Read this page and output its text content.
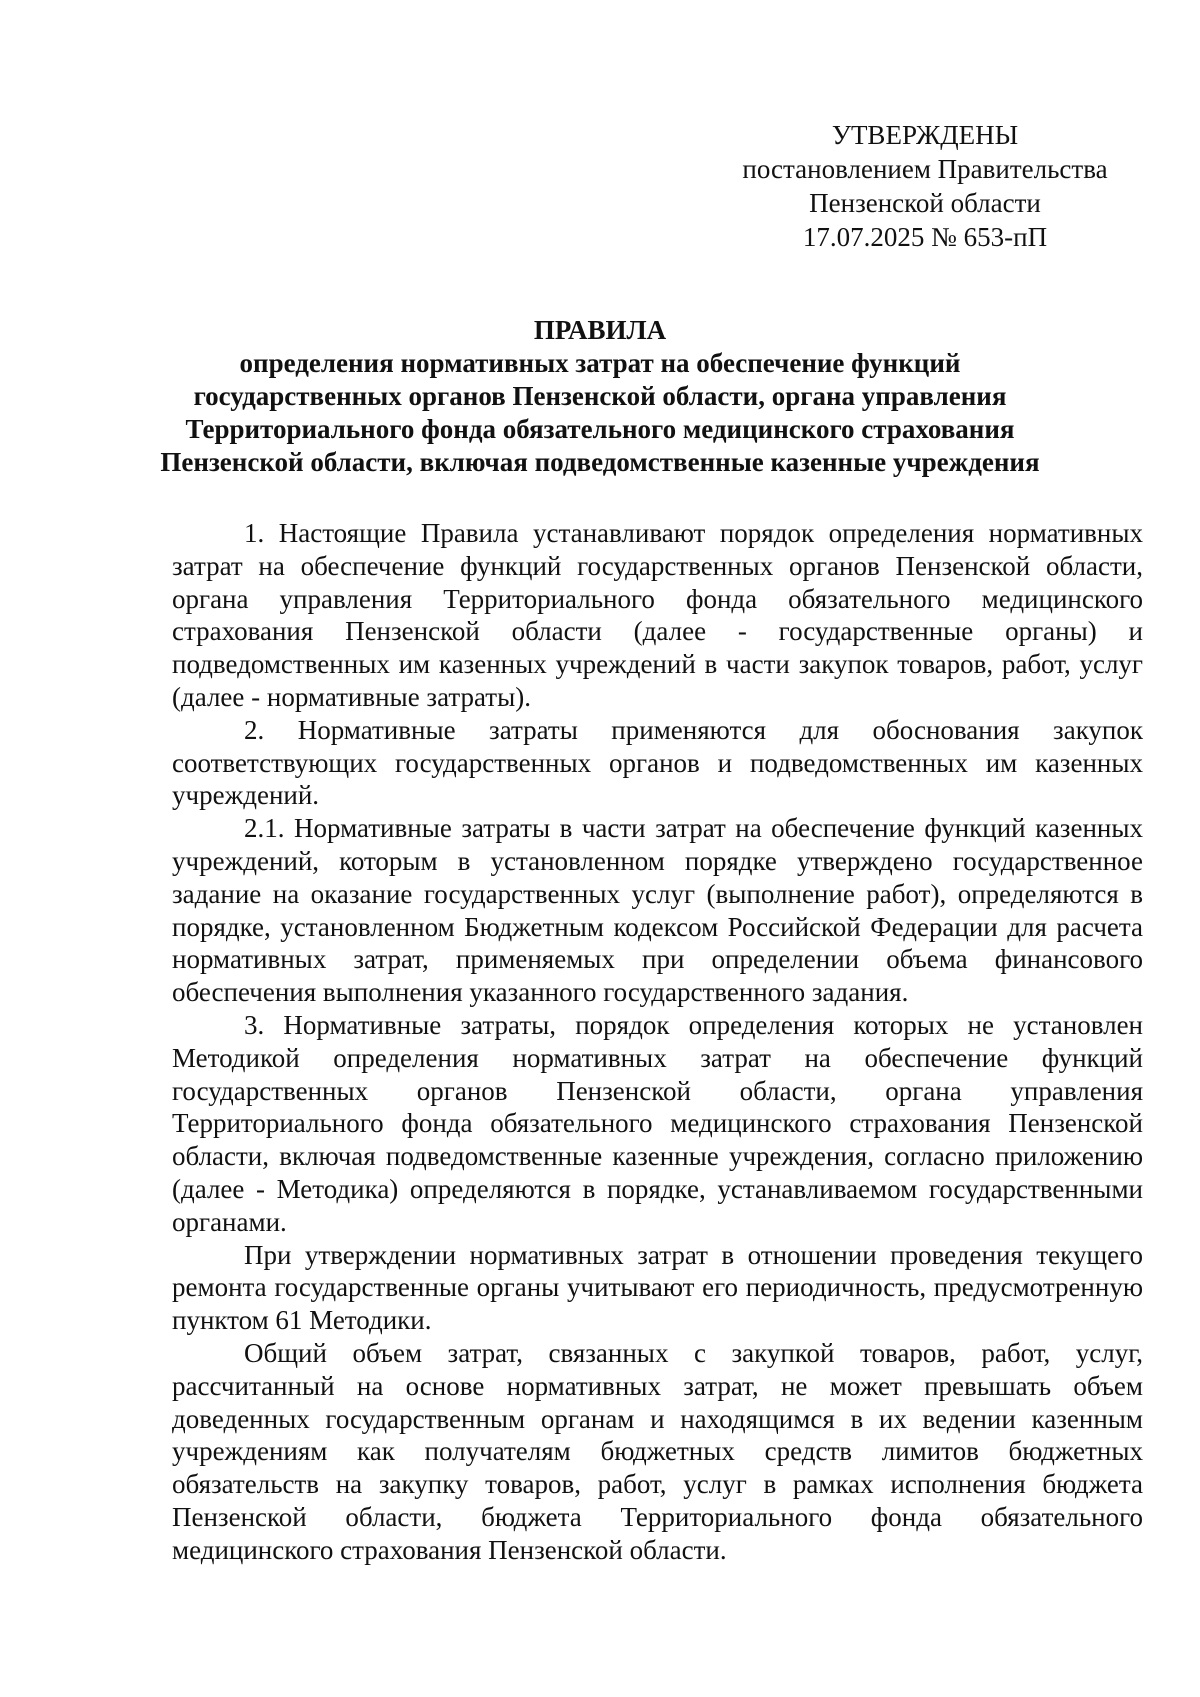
УТВЕРЖДЕНЫ
постановлением Правительства
Пензенской области
17.07.2025 № 653-пП
ПРАВИЛА
определения нормативных затрат на обеспечение функций
государственных органов Пензенской области, органа управления
Территориального фонда обязательного медицинского страхования
Пензенской области, включая подведомственные казенные учреждения

1. Настоящие Правила устанавливают порядок определения нормативных затрат на обеспечение функций государственных органов Пензенской области, органа управления Территориального фонда обязательного медицинского страхования Пензенской области (далее - государственные органы) и подведомственных им казенных учреждений в части закупок товаров, работ, услуг (далее - нормативные затраты).

2. Нормативные затраты применяются для обоснования закупок соответствующих государственных органов и подведомственных им казенных учреждений.

2.1. Нормативные затраты в части затрат на обеспечение функций казенных учреждений, которым в установленном порядке утверждено государственное задание на оказание государственных услуг (выполнение работ), определяются в порядке, установленном Бюджетным кодексом Российской Федерации для расчета нормативных затрат, применяемых при определении объема финансового обеспечения выполнения указанного государственного задания.

3. Нормативные затраты, порядок определения которых не установлен Методикой определения нормативных затрат на обеспечение функций государственных органов Пензенской области, органа управления Территориального фонда обязательного медицинского страхования Пензенской области, включая подведомственные казенные учреждения, согласно приложению (далее - Методика) определяются в порядке, устанавливаемом государственными органами.

При утверждении нормативных затрат в отношении проведения текущего ремонта государственные органы учитывают его периодичность, предусмотренную пунктом 61 Методики.

Общий объем затрат, связанных с закупкой товаров, работ, услуг, рассчитанный на основе нормативных затрат, не может превышать объем доведенных государственным органам и находящимся в их ведении казенным учреждениям как получателям бюджетных средств лимитов бюджетных обязательств на закупку товаров, работ, услуг в рамках исполнения бюджета Пензенской области, бюджета Территориального фонда обязательного медицинского страхования Пензенской области.
